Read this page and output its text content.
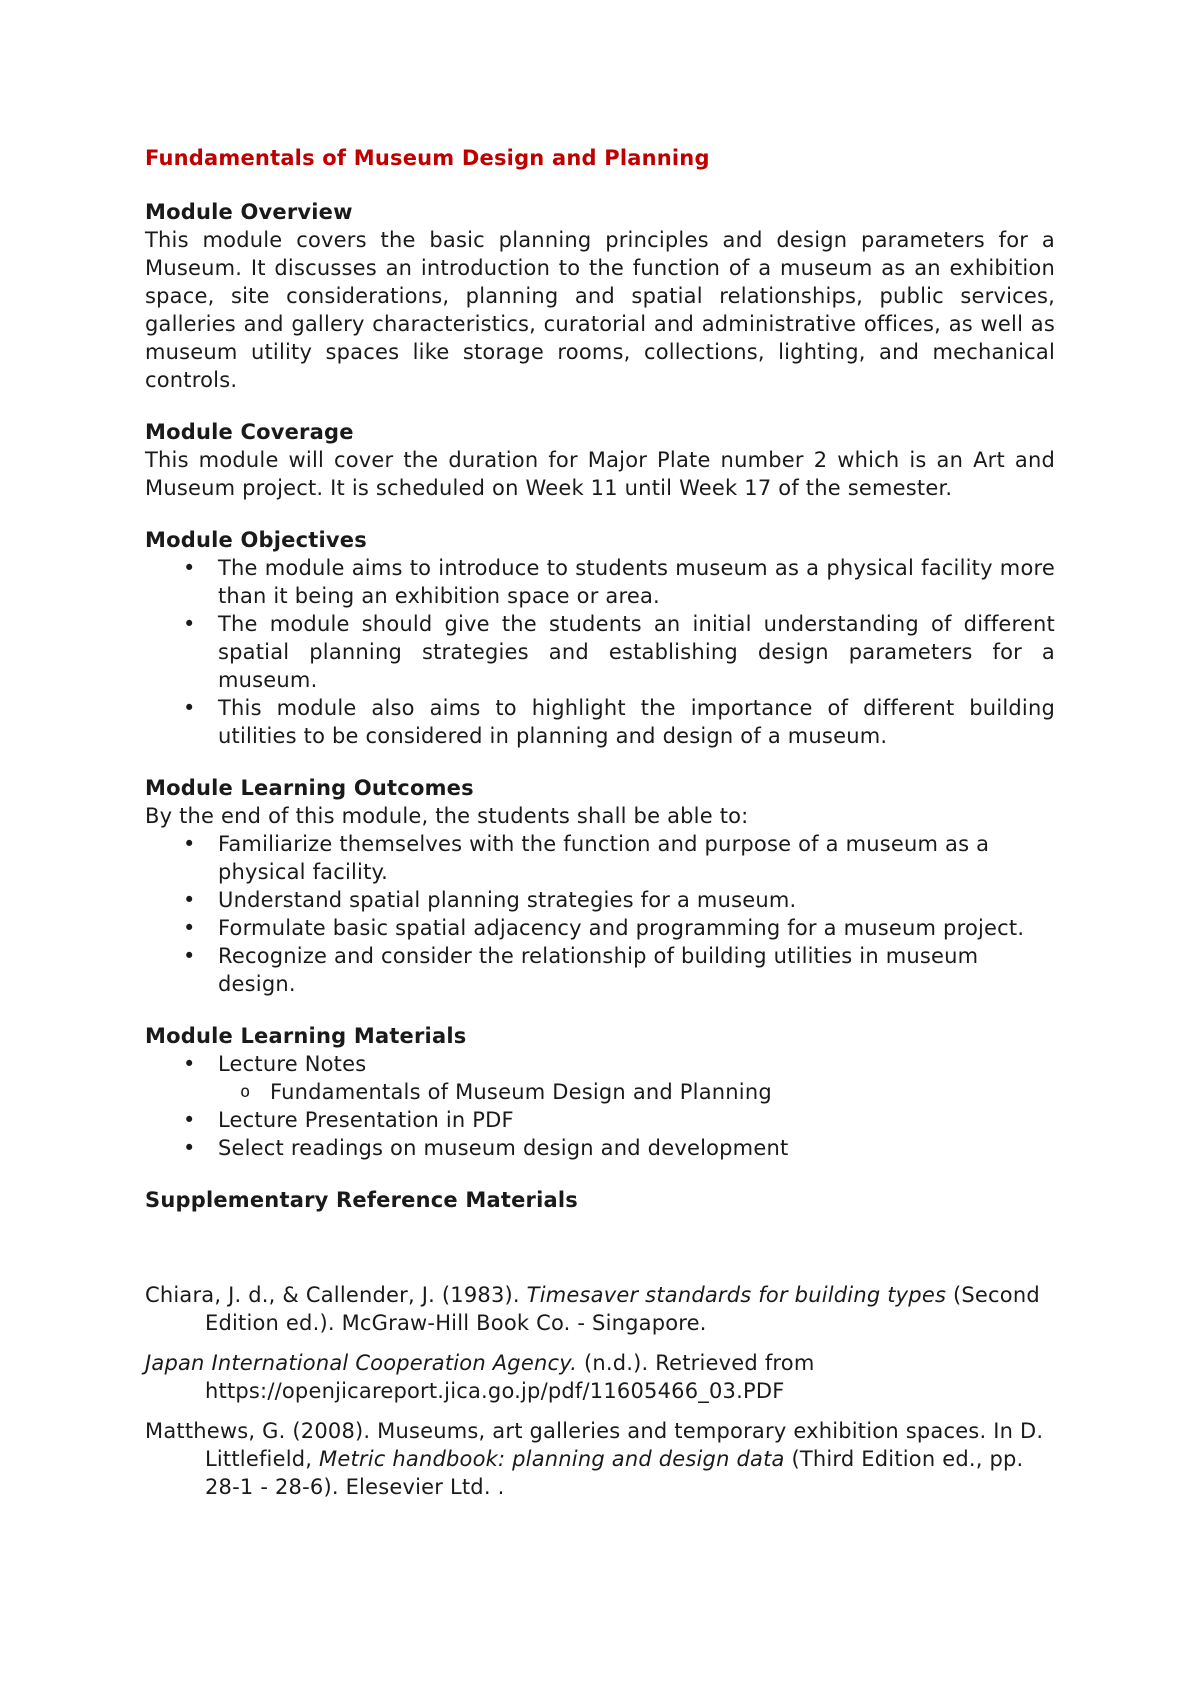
Fundamentals of Museum Design and Planning

Module Overview

This module covers the basic planning principles and design parameters for a Museum. It discusses an introduction to the function of a museum as an exhibition space, site considerations, planning and spatial relationships, public services, galleries and gallery characteristics, curatorial and administrative offices, as well as museum utility spaces like storage rooms, collections, lighting, and mechanical controls.

Module Coverage

This module will cover the duration for Major Plate number 2 which is an Art and Museum project. It is scheduled on Week 11 until Week 17 of the semester.

Module Objectives

• The module aims to introduce to students museum as a physical facility more than it being an exhibition space or area.
• The module should give the students an initial understanding of different spatial planning strategies and establishing design parameters for a museum.
• This module also aims to highlight the importance of different building utilities to be considered in planning and design of a museum.

Module Learning Outcomes

By the end of this module, the students shall be able to:

• Familiarize themselves with the function and purpose of a museum as a physical facility.
• Understand spatial planning strategies for a museum.
• Formulate basic spatial adjacency and programming for a museum project.
• Recognize and consider the relationship of building utilities in museum design.

Module Learning Materials

• Lecture Notes
o Fundamentals of Museum Design and Planning
• Lecture Presentation in PDF
• Select readings on museum design and development

Supplementary Reference Materials

Chiara, J. d., & Callender, J. (1983). Timesaver standards for building types (Second Edition ed.). McGraw-Hill Book Co. - Singapore.

Japan International Cooperation Agency. (n.d.). Retrieved from https://openjicareport.jica.go.jp/pdf/11605466_03.PDF

Matthews, G. (2008). Museums, art galleries and temporary exhibition spaces. In D. Littlefield, Metric handbook: planning and design data (Third Edition ed., pp. 28-1 - 28-6). Elesevier Ltd. .
